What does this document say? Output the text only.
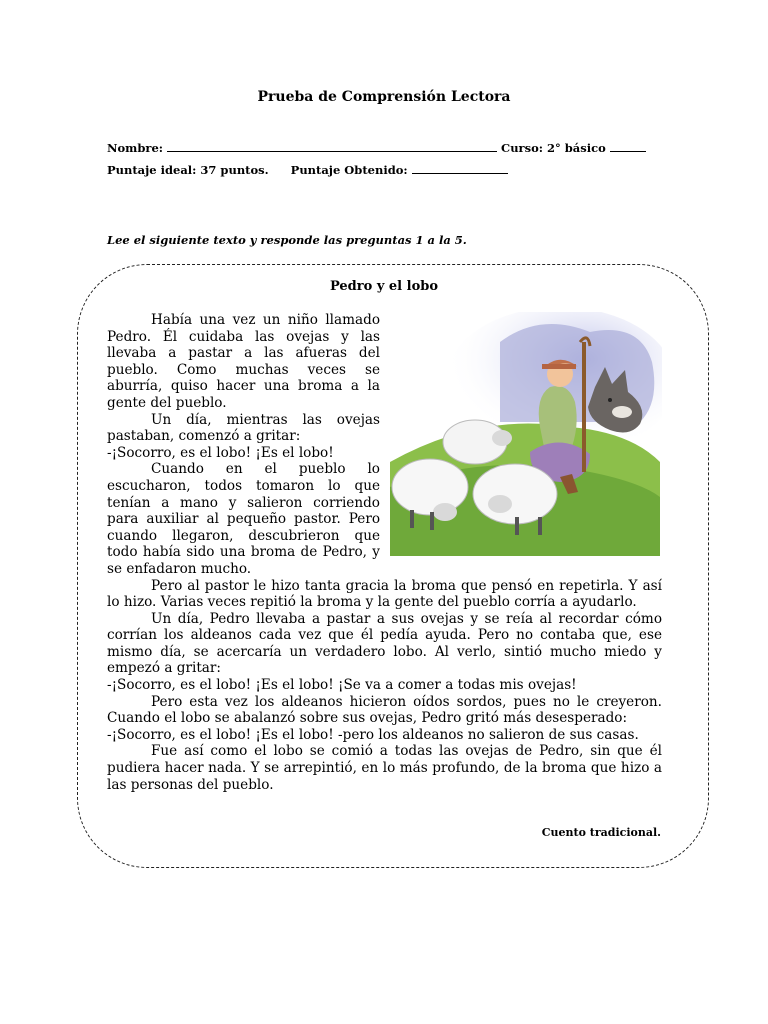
Prueba de Comprensión Lectora
Nombre:	Curso: 2° básico
Puntaje ideal: 37 puntos. Puntaje Obtenido:
Lee el siguiente texto y responde las preguntas 1 a la 5.
Pedro y el lobo

Había una vez un niño llamado Pedro. Él cuidaba las ovejas y las llevaba a pastar a las afueras del pueblo. Como muchas veces se aburría, quiso hacer una broma a la gente del pueblo.

Un día, mientras las ovejas pastaban, comenzó a gritar:

-¡Socorro, es el lobo! ¡Es el lobo!

Cuando en el pueblo lo escucharon, todos tomaron lo que tenían a mano y salieron corriendo para auxiliar al pequeño pastor. Pero cuando llegaron, descubrieron que todo había sido una broma de Pedro, y se enfadaron mucho.

Pero al pastor le hizo tanta gracia la broma que pensó en repetirla. Y así lo hizo. Varias veces repitió la broma y la gente del pueblo corría a ayudarlo.

Un día, Pedro llevaba a pastar a sus ovejas y se reía al recordar cómo corrían los aldeanos cada vez que él pedía ayuda. Pero no contaba que, ese mismo día, se acercaría un verdadero lobo. Al verlo, sintió mucho miedo y empezó a gritar:

-¡Socorro, es el lobo! ¡Es el lobo! ¡Se va a comer a todas mis ovejas!

Pero esta vez los aldeanos hicieron oídos sordos, pues no le creyeron. Cuando el lobo se abalanzó sobre sus ovejas, Pedro gritó más desesperado:

-¡Socorro, es el lobo! ¡Es el lobo! -pero los aldeanos no salieron de sus casas.

Fue así como el lobo se comió a todas las ovejas de Pedro, sin que él pudiera hacer nada. Y se arrepintió, en lo más profundo, de la broma que hizo a las personas del pueblo.

Cuento tradicional.
